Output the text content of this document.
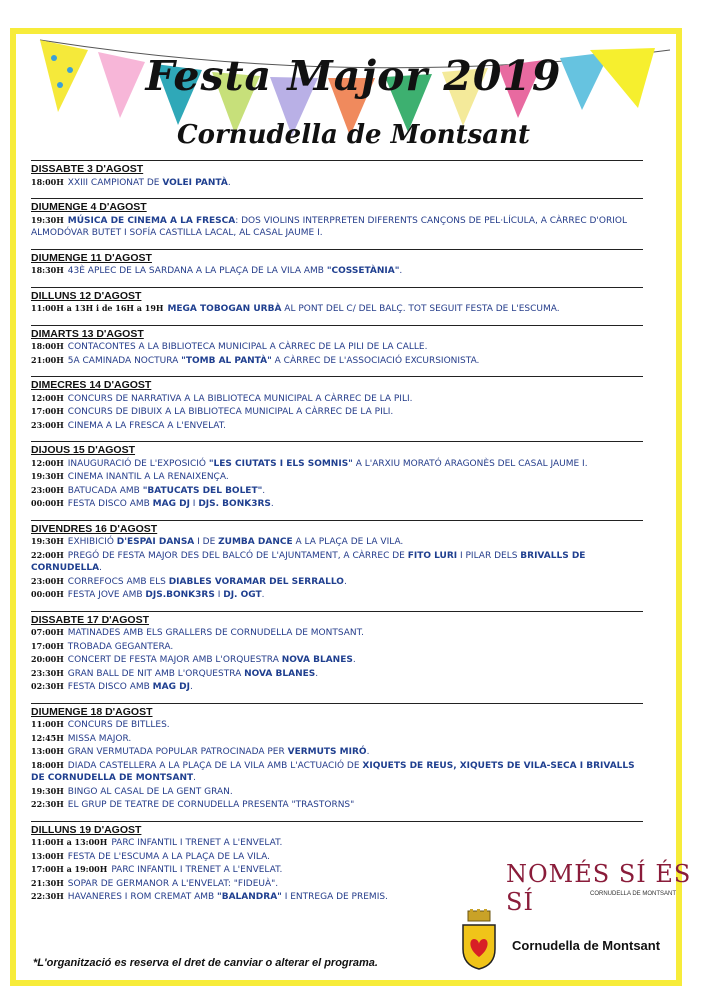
Festa Major 2019
Cornudella de Montsant
DISSABTE 3 D'AGOST
18:00H XXIII CAMPIONAT DE VOLEI PANTÀ.
DIUMENGE 4 D'AGOST
19:30H MÚSICA DE CINEMA A LA FRESCA: DOS VIOLINS INTERPRETEN DIFERENTS CANÇONS DE PEL·LÍCULA, A CÀRREC D'ORIOL ALMODÓVAR BUTET I SOFÍA CASTILLA LACAL, AL CASAL JAUME I.
DIUMENGE 11 D'AGOST
18:30H 43È APLEC DE LA SARDANA A LA PLAÇA DE LA VILA AMB "COSSETÀNIA".
DILLUNS 12 D'AGOST
11:00H a 13H i de 16H a 19H MEGA TOBOGAN URBÀ AL PONT DEL C/ DEL BALÇ. TOT SEGUIT FESTA DE L'ESCUMA.
DIMARTS 13 D'AGOST
18:00H CONTACONTES A LA BIBLIOTECA MUNICIPAL A CÀRREC DE LA PILI DE LA CALLE.
21:00H 5A CAMINADA NOCTURA "TOMB AL PANTÀ" A CÀRREC DE L'ASSOCIACIÓ EXCURSIONISTA.
DIMECRES 14 D'AGOST
12:00H CONCURS DE NARRATIVA A LA BIBLIOTECA MUNICIPAL A CÀRREC DE LA PILI.
17:00H CONCURS DE DIBUIX A LA BIBLIOTECA MUNICIPAL A CÀRREC DE LA PILI.
23:00H CINEMA A LA FRESCA A L'ENVELAT.
DIJOUS 15 D'AGOST
12:00H INAUGURACIÓ DE L'EXPOSICIÓ "LES CIUTATS I ELS SOMNIS" A L'ARXIU MORATÓ ARAGONÈS DEL CASAL JAUME I.
19:30H CINEMA INANTIL A LA RENAIXENÇA.
23:00H BATUCADA AMB "BATUCATS DEL BOLET".
00:00H FESTA DISCO AMB MAG DJ I DJS. BONK3RS.
DIVENDRES 16 D'AGOST
19:30H EXHIBICIÓ D'ESPAI DANSA I DE ZUMBA DANCE A LA PLAÇA DE LA VILA.
22:00H PREGÓ DE FESTA MAJOR DES DEL BALCÓ DE L'AJUNTAMENT, A CÀRREC DE FITO LURI I PILAR DELS BRIVALLS DE CORNUDELLA.
23:00H CORREFOCS AMB ELS DIABLES VORAMAR DEL SERRALLO.
00:00H FESTA JOVE AMB DJS.BONK3RS I DJ. OGT.
DISSABTE 17 D'AGOST
07:00H MATINADES AMB ELS GRALLERS DE CORNUDELLA DE MONTSANT.
17:00H TROBADA GEGANTERA.
20:00H CONCERT DE FESTA MAJOR AMB L'ORQUESTRA NOVA BLANES.
23:30H GRAN BALL DE NIT AMB L'ORQUESTRA NOVA BLANES.
02:30H FESTA DISCO AMB MAG DJ.
DIUMENGE 18 D'AGOST
11:00H CONCURS DE BITLLES.
12:45H MISSA MAJOR.
13:00H GRAN VERMUTADA POPULAR PATROCINADA PER VERMUTS MIRÓ.
18:00H DIADA CASTELLERA A LA PLAÇA DE LA VILA AMB L'ACTUACIÓ DE XIQUETS DE REUS, XIQUETS DE VILA-SECA I BRIVALLS DE CORNUDELLA DE MONTSANT.
19:30H BINGO AL CASAL DE LA GENT GRAN.
22:30H EL GRUP DE TEATRE DE CORNUDELLA PRESENTA "TRASTORNS"
DILLUNS 19 D'AGOST
11:00H a 13:00H PARC INFANTIL I TRENET A L'ENVELAT.
13:00H FESTA DE L'ESCUMA A LA PLAÇA DE LA VILA.
17:00H a 19:00H PARC INFANTIL I TRENET A L'ENVELAT.
21:30H SOPAR DE GERMANOR A L'ENVELAT: "FIDEUÀ".
22:30H HAVANERES I ROM CREMAT AMB "BALANDRA" I ENTREGA DE PREMIS.
*L'organització es reserva el dret de canviar o alterar el programa.
NOMÉS SÍ ÉS SÍ	CORNUDELLA DE MONTSANT
Cornudella de Montsant
